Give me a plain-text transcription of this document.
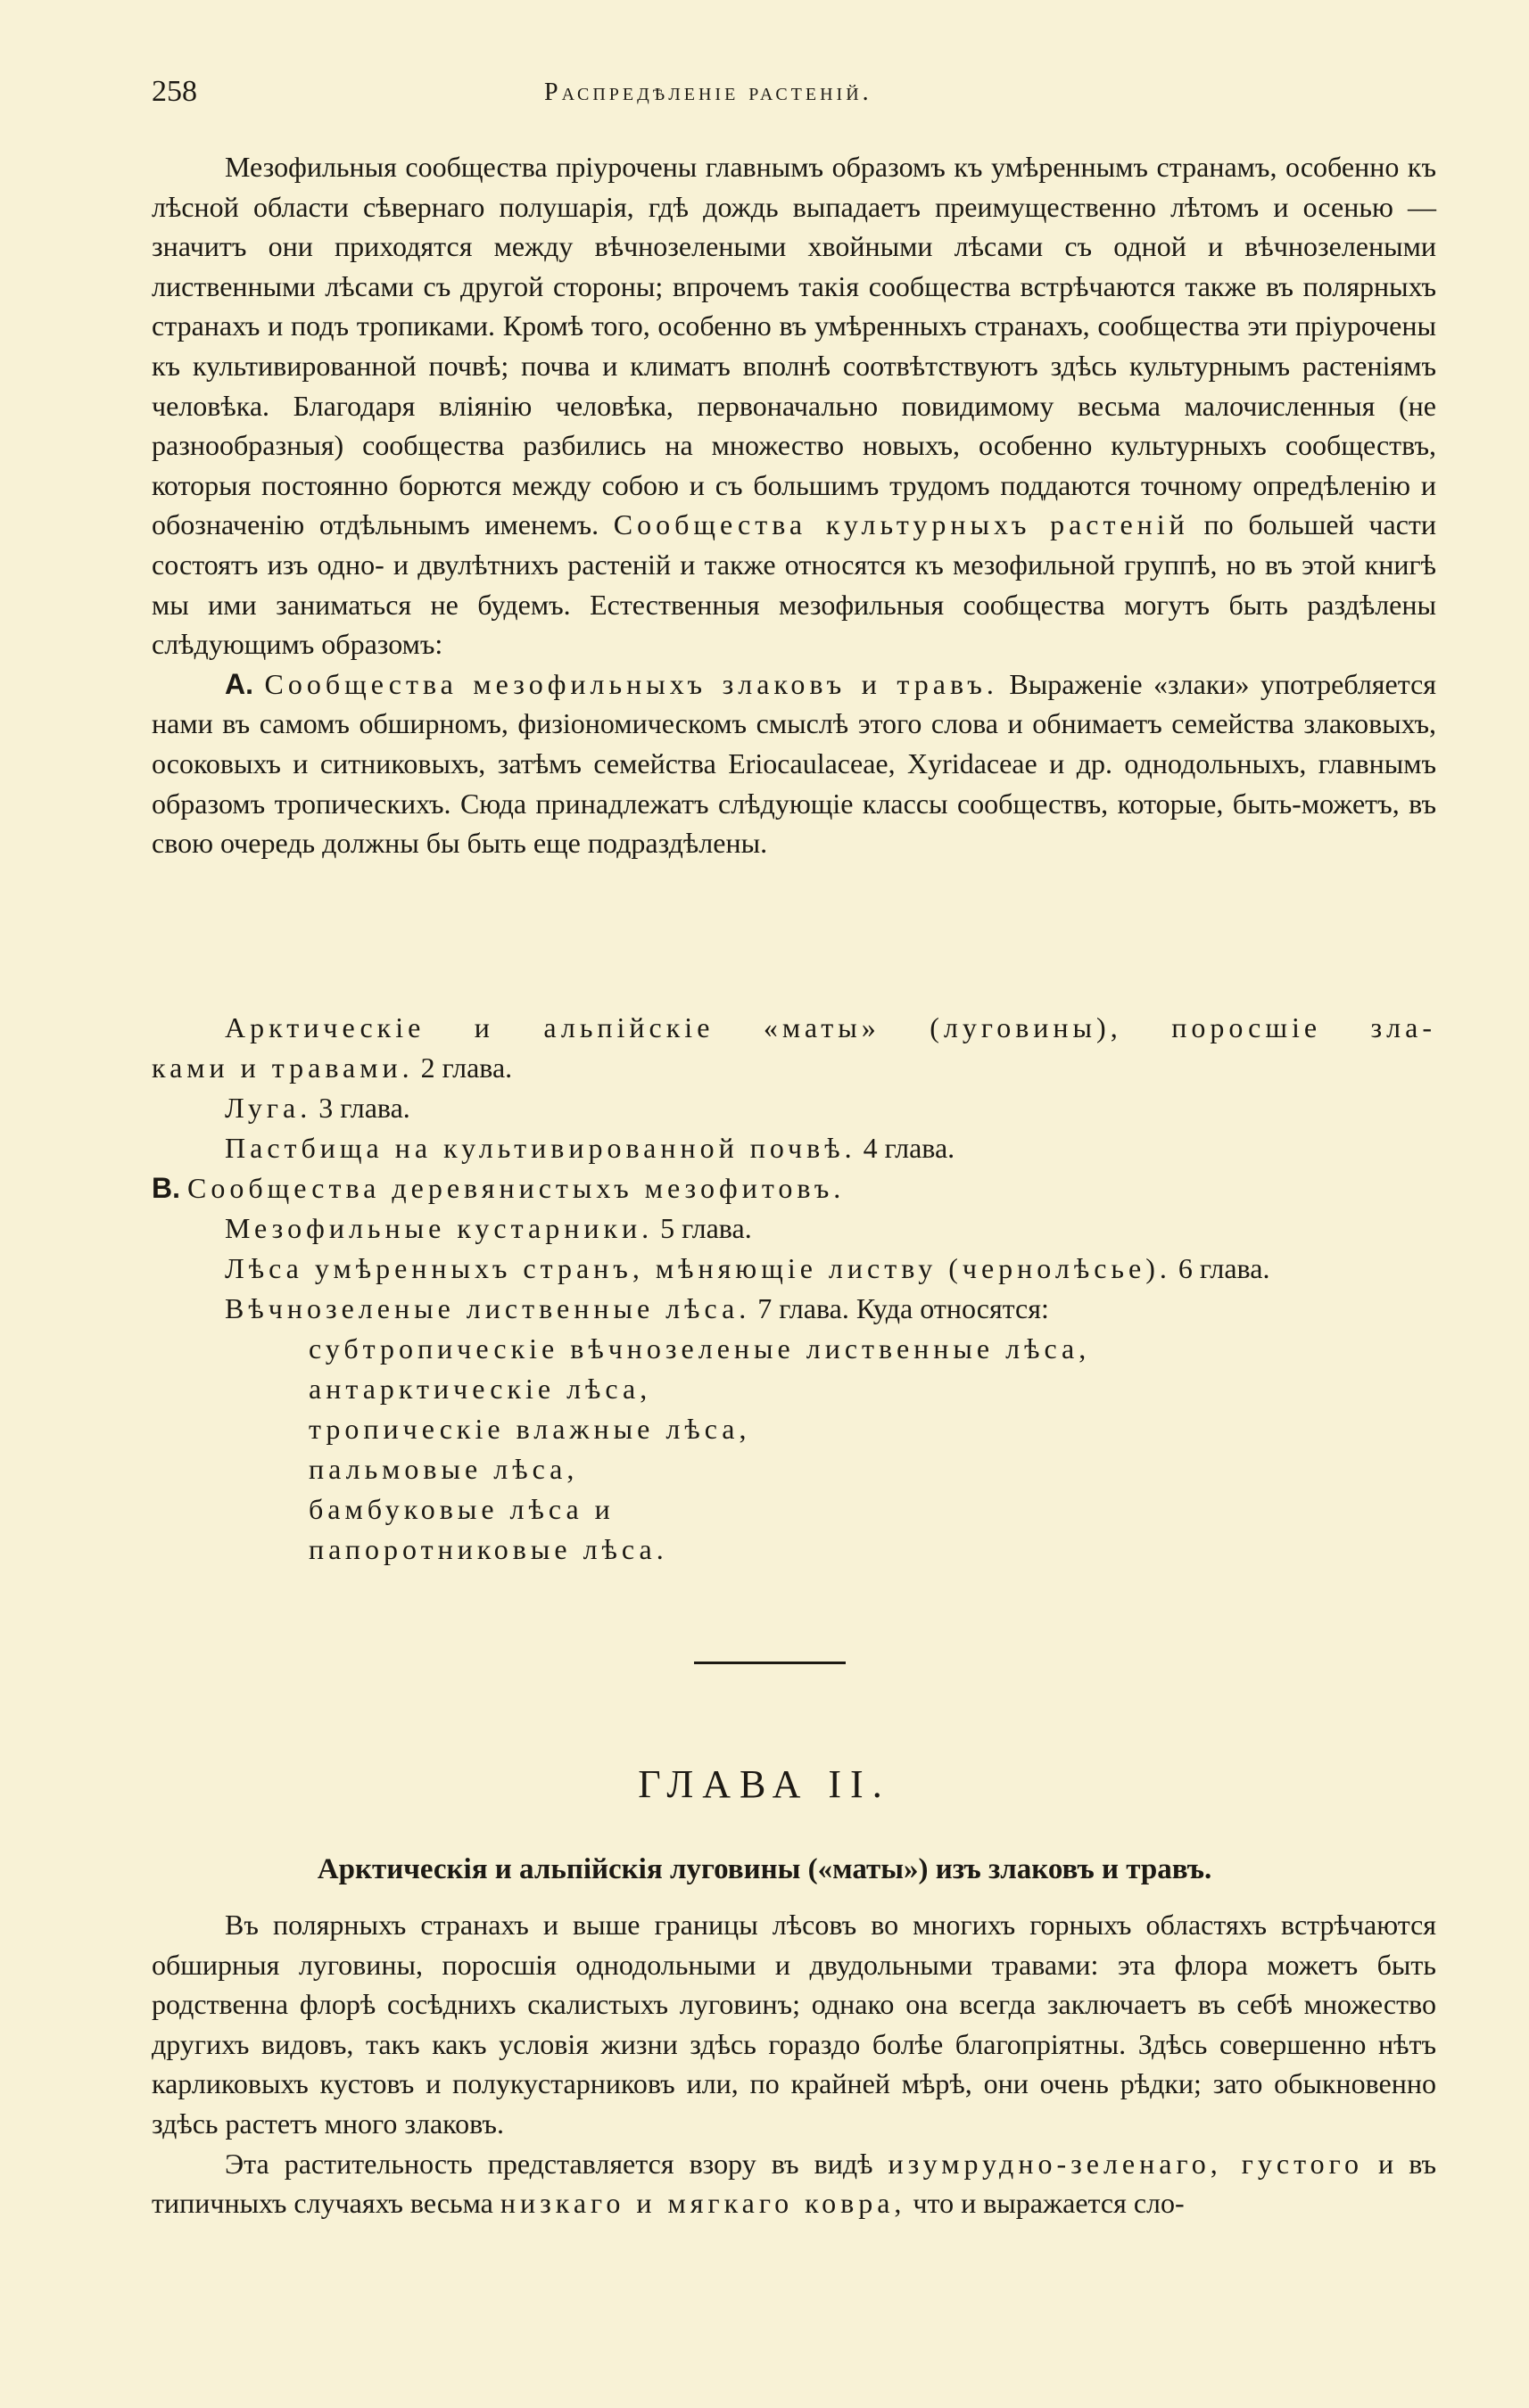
258	Распредѣленіе растеній.

Мезофильныя сообщества пріурочены главнымъ образомъ къ умѣреннымъ странамъ, особенно къ лѣсной области сѣвернаго полушарія, гдѣ дождь выпадаетъ преимущественно лѣтомъ и осенью — значитъ они приходятся между вѣчнозелеными хвойными лѣсами съ одной и вѣчнозелеными лиственными лѣсами съ другой стороны; впрочемъ такія сообщества встрѣчаются также въ полярныхъ странахъ и подъ тропиками. Кромѣ того, особенно въ умѣренныхъ странахъ, сообщества эти пріурочены къ культивированной почвѣ; почва и климатъ вполнѣ соотвѣтствуютъ здѣсь культурнымъ растеніямъ человѣка. Благодаря вліянію человѣка, первоначально повидимому весьма малочисленныя (не разнообразныя) сообщества разбились на множество новыхъ, особенно культурныхъ сообществъ, которыя постоянно борются между собою и съ большимъ трудомъ поддаются точному опредѣленію и обозначенію отдѣльнымъ именемъ. Сообщества культурныхъ растеній по большей части состоятъ изъ одно- и двулѣтнихъ растеній и также относятся къ мезофильной группѣ, но въ этой книгѣ мы ими заниматься не будемъ. Естественныя мезофильныя сообщества могутъ быть раздѣлены слѣдующимъ образомъ:

А. Сообщества мезофильныхъ злаковъ и травъ. Выраженіе «злаки» употребляется нами въ самомъ обширномъ, физіономическомъ смыслѣ этого слова и обнимаетъ семейства злаковыхъ, осоковыхъ и ситниковыхъ, затѣмъ семейства Eriocaulaceae, Xyridaceae и др. однодольныхъ, главнымъ образомъ тропическихъ. Сюда принадлежатъ слѣдующіе классы сообществъ, которые, быть-можетъ, въ свою очередь должны бы быть еще подраздѣлены.

Арктическіе и альпійскіе «маты» (луговины), поросшіе зла-
ками и травами. 2 глава.
Луга. 3 глава.
Пастбища на культивированной почвѣ. 4 глава.
В. Сообщества деревянистыхъ мезофитовъ.
Мезофильные кустарники. 5 глава.
Лѣса умѣренныхъ странъ, мѣняющіе листву (чернолѣсье). 6 глава.
Вѣчнозеленые лиственные лѣса. 7 глава. Куда относятся:
субтропическіе вѣчнозеленые лиственные лѣса,
антарктическіе лѣса,
тропическіе влажные лѣса,
пальмовые лѣса,
бамбуковые лѣса и
папоротниковые лѣса.
ГЛАВА II.
Арктическія и альпійскія луговины («маты») изъ злаковъ и травъ.

Въ полярныхъ странахъ и выше границы лѣсовъ во многихъ горныхъ областяхъ встрѣчаются обширныя луговины, поросшія однодольными и двудольными травами: эта флора можетъ быть родственна флорѣ сосѣднихъ скалистыхъ луговинъ; однако она всегда заключаетъ въ себѣ множество другихъ видовъ, такъ какъ условія жизни здѣсь гораздо болѣе благопріятны. Здѣсь совершенно нѣтъ карликовыхъ кустовъ и полукустарниковъ или, по крайней мѣрѣ, они очень рѣдки; зато обыкновенно здѣсь растетъ много злаковъ.

Эта растительность представляется взору въ видѣ изумрудно-зеленаго, густого и въ типичныхъ случаяхъ весьма низкаго и мягкаго ковра, что и выражается сло-
